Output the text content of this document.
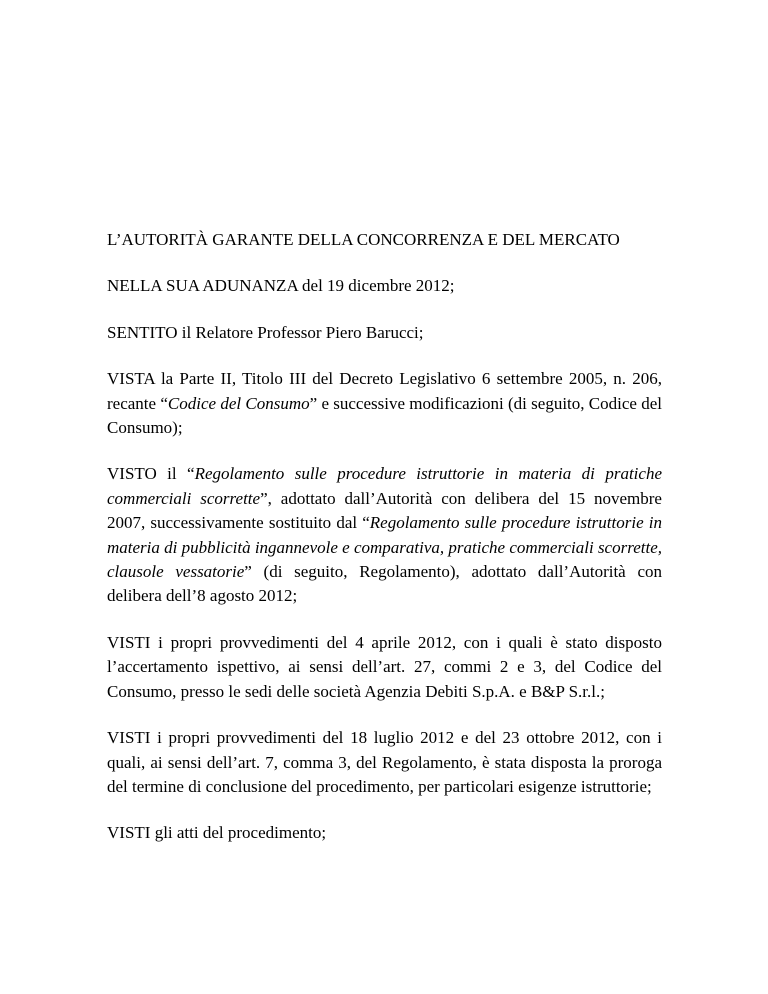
L’AUTORITÀ GARANTE DELLA CONCORRENZA E DEL MERCATO

NELLA SUA ADUNANZA del 19 dicembre 2012;

SENTITO il Relatore Professor Piero Barucci;

VISTA la Parte II, Titolo III del Decreto Legislativo 6 settembre 2005, n. 206, recante “Codice del Consumo” e successive modificazioni (di seguito, Codice del Consumo);

VISTO il “Regolamento sulle procedure istruttorie in materia di pratiche commerciali scorrette”, adottato dall’Autorità con delibera del 15 novembre 2007, successivamente sostituito dal “Regolamento sulle procedure istruttorie in materia di pubblicità ingannevole e comparativa, pratiche commerciali scorrette, clausole vessatorie” (di seguito, Regolamento), adottato dall’Autorità con delibera dell’8 agosto 2012;

VISTI i propri provvedimenti del 4 aprile 2012, con i quali è stato disposto l’accertamento ispettivo, ai sensi dell’art. 27, commi 2 e 3, del Codice del Consumo, presso le sedi delle società Agenzia Debiti S.p.A. e B&P S.r.l.;

VISTI i propri provvedimenti del 18 luglio 2012 e del 23 ottobre 2012, con i quali, ai sensi dell’art. 7, comma 3, del Regolamento, è stata disposta la proroga del termine di conclusione del procedimento, per particolari esigenze istruttorie;

VISTI gli atti del procedimento;
